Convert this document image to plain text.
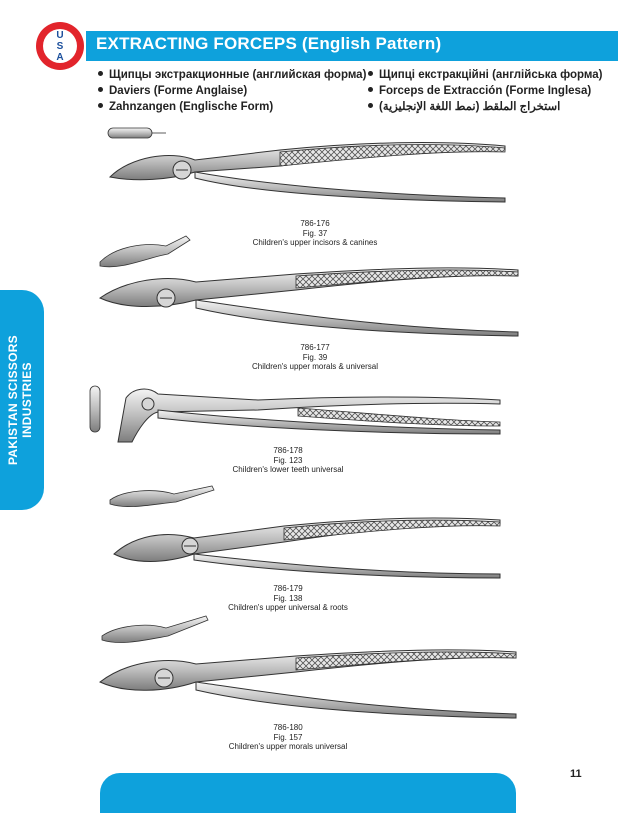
U
S
A
EXTRACTING FORCEPS (English Pattern)
Щипцы экстракционные (английская форма)
Daviers (Forme Anglaise)
Zahnzangen (Englische Form)
Щипці екстракційні (англійська форма)
Forceps de Extracción (Forme Inglesa)
استخراج الملقط (نمط اللغة الإنجليزية)
PAKISTAN SCISSORS INDUSTRIES
786-176
Fig. 37
Children's upper incisors & canines
786-177
Fig. 39
Children's upper morals & universal
786-178
Fig. 123
Children's lower teeth universal
786-179
Fig. 138
Children's upper universal & roots
786-180
Fig. 157
Children's upper morals universal
11
